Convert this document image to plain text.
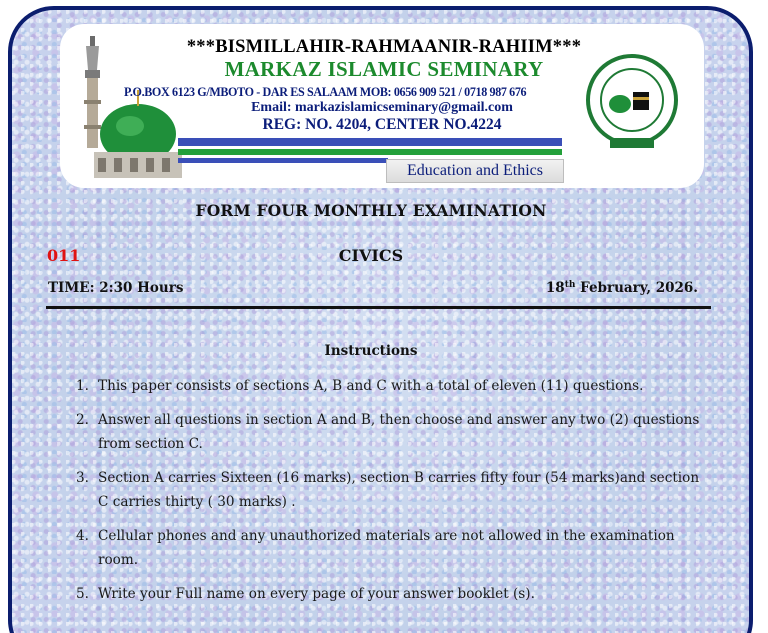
***BISMILLAHIR-RAHMAANIR-RAHIIM***
MARKAZ ISLAMIC SEMINARY
P.O.BOX 6123 G/MBOTO - DAR ES SALAAM MOB: 0656 909 521 / 0718 987 676
Email: markazislamicseminary@gmail.com
REG: NO. 4204, CENTER NO.4224
Education and Ethics
FORM FOUR MONTHLY EXAMINATION
011	CIVICS
TIME: 2:30 Hours	18th February, 2026.
Instructions
1. This paper consists of sections A, B and C with a total of eleven (11) questions.
2. Answer all questions in section A and B, then choose and answer any two (2) questions from section C.
3. Section A carries Sixteen (16 marks), section B carries fifty four (54 marks)and section C carries thirty ( 30 marks) .
4. Cellular phones and any unauthorized materials are not allowed in the examination room.
5. Write your Full name on every page of your answer booklet (s).
